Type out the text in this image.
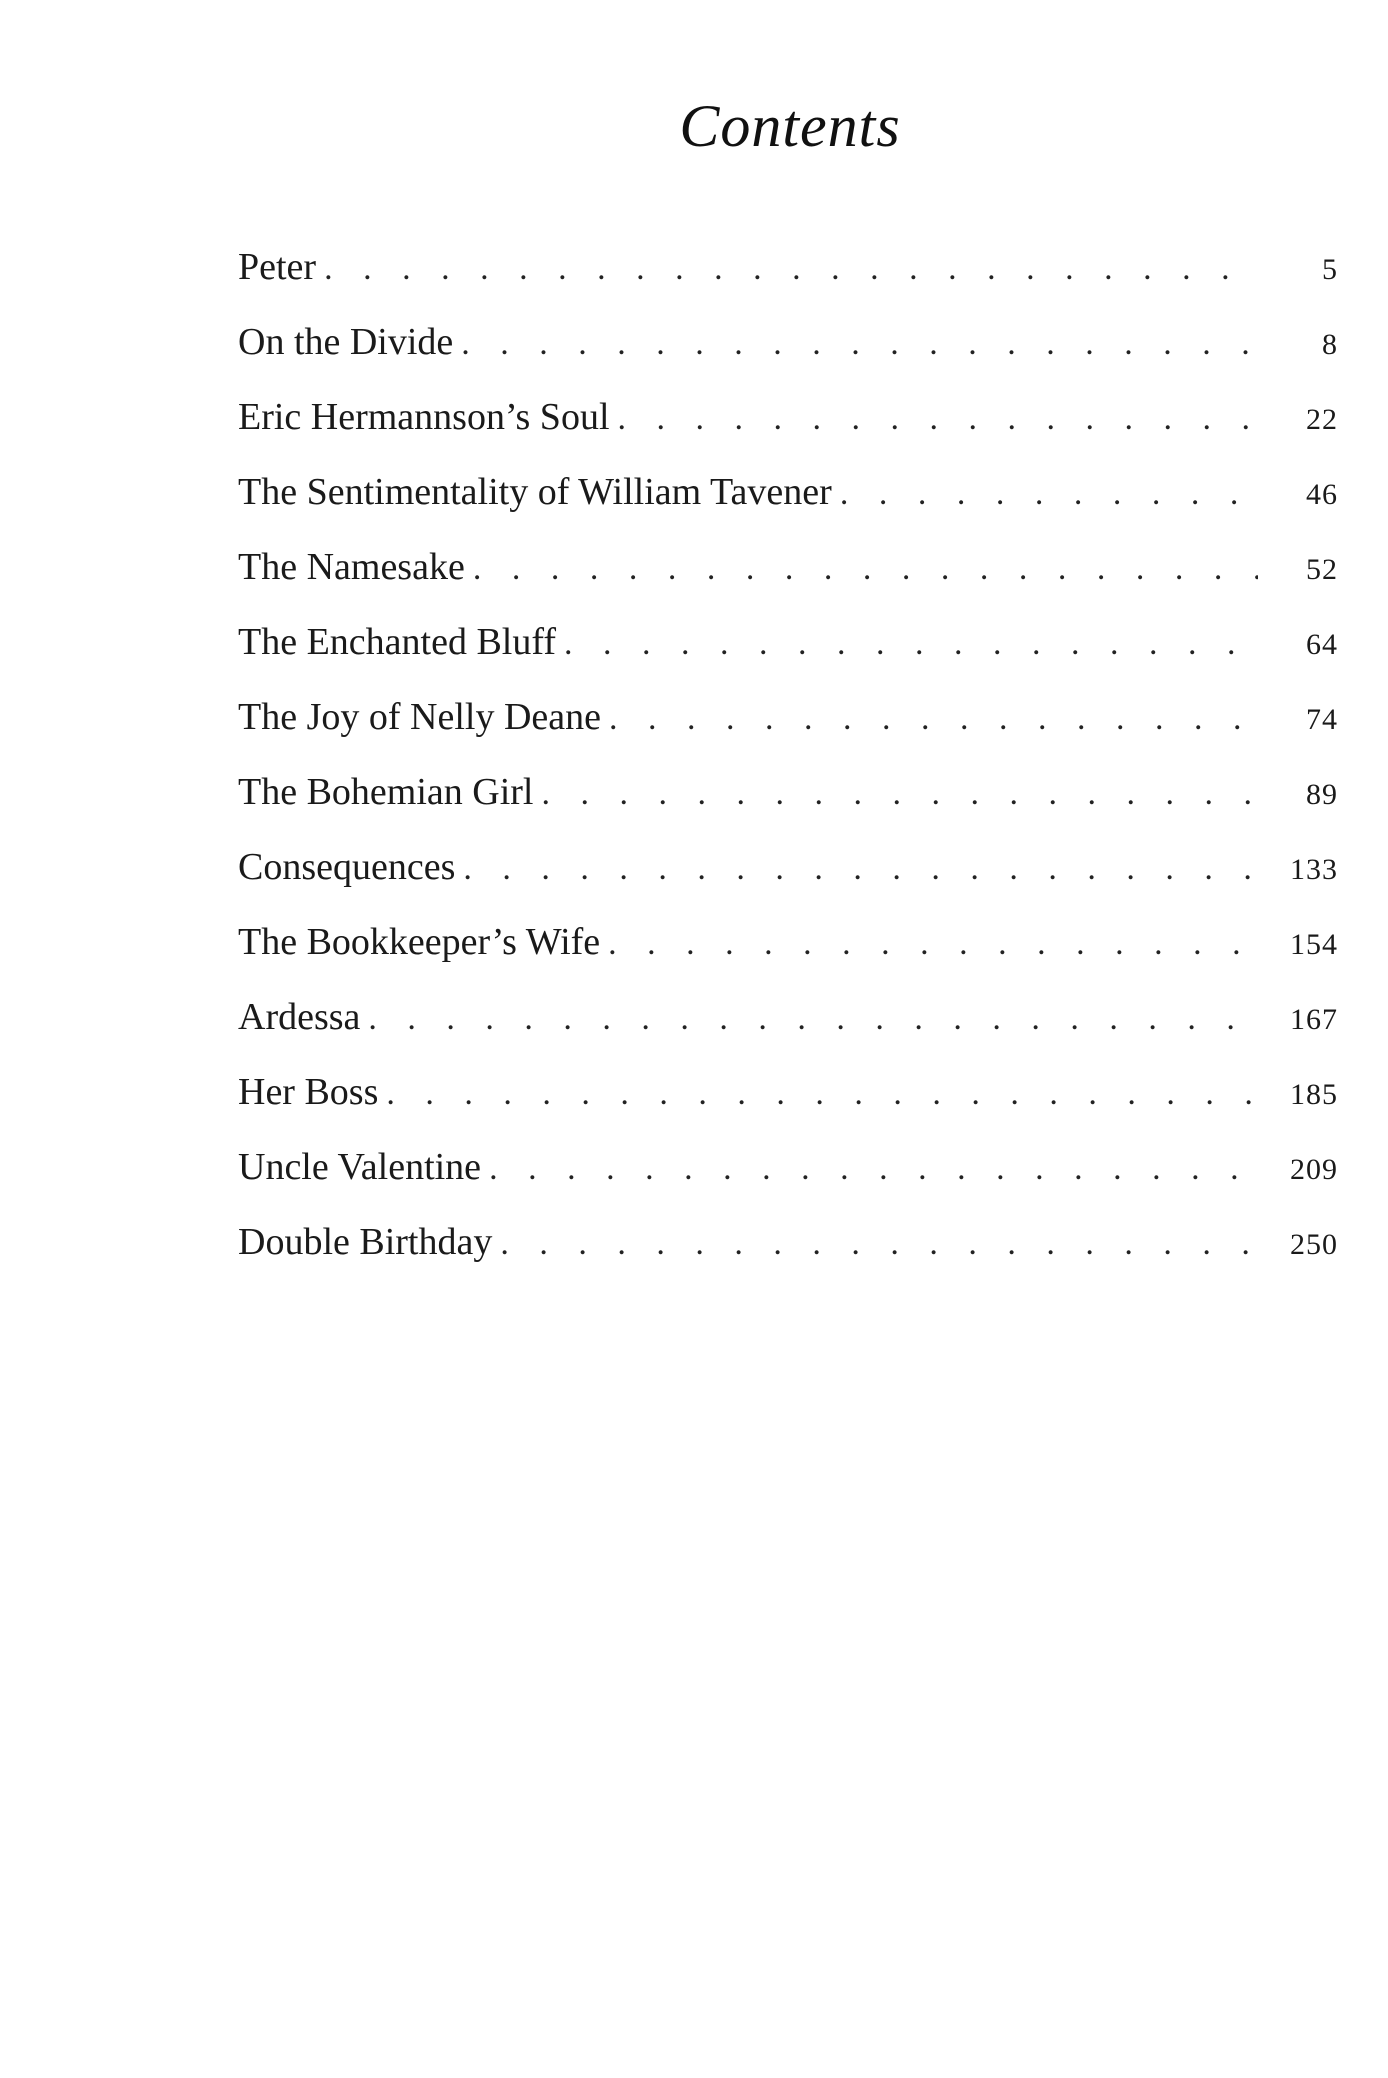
Contents
Peter . . .	5
On the Divide . . .	8
Eric Hermannson’s Soul . . .	22
The Sentimentality of William Tavener . . .	46
The Namesake . . .	52
The Enchanted Bluff . . .	64
The Joy of Nelly Deane . . .	74
The Bohemian Girl . . .	89
Consequences . . .	133
The Bookkeeper’s Wife . . .	154
Ardessa . . .	167
Her Boss . . .	185
Uncle Valentine . . .	209
Double Birthday . . .	250
